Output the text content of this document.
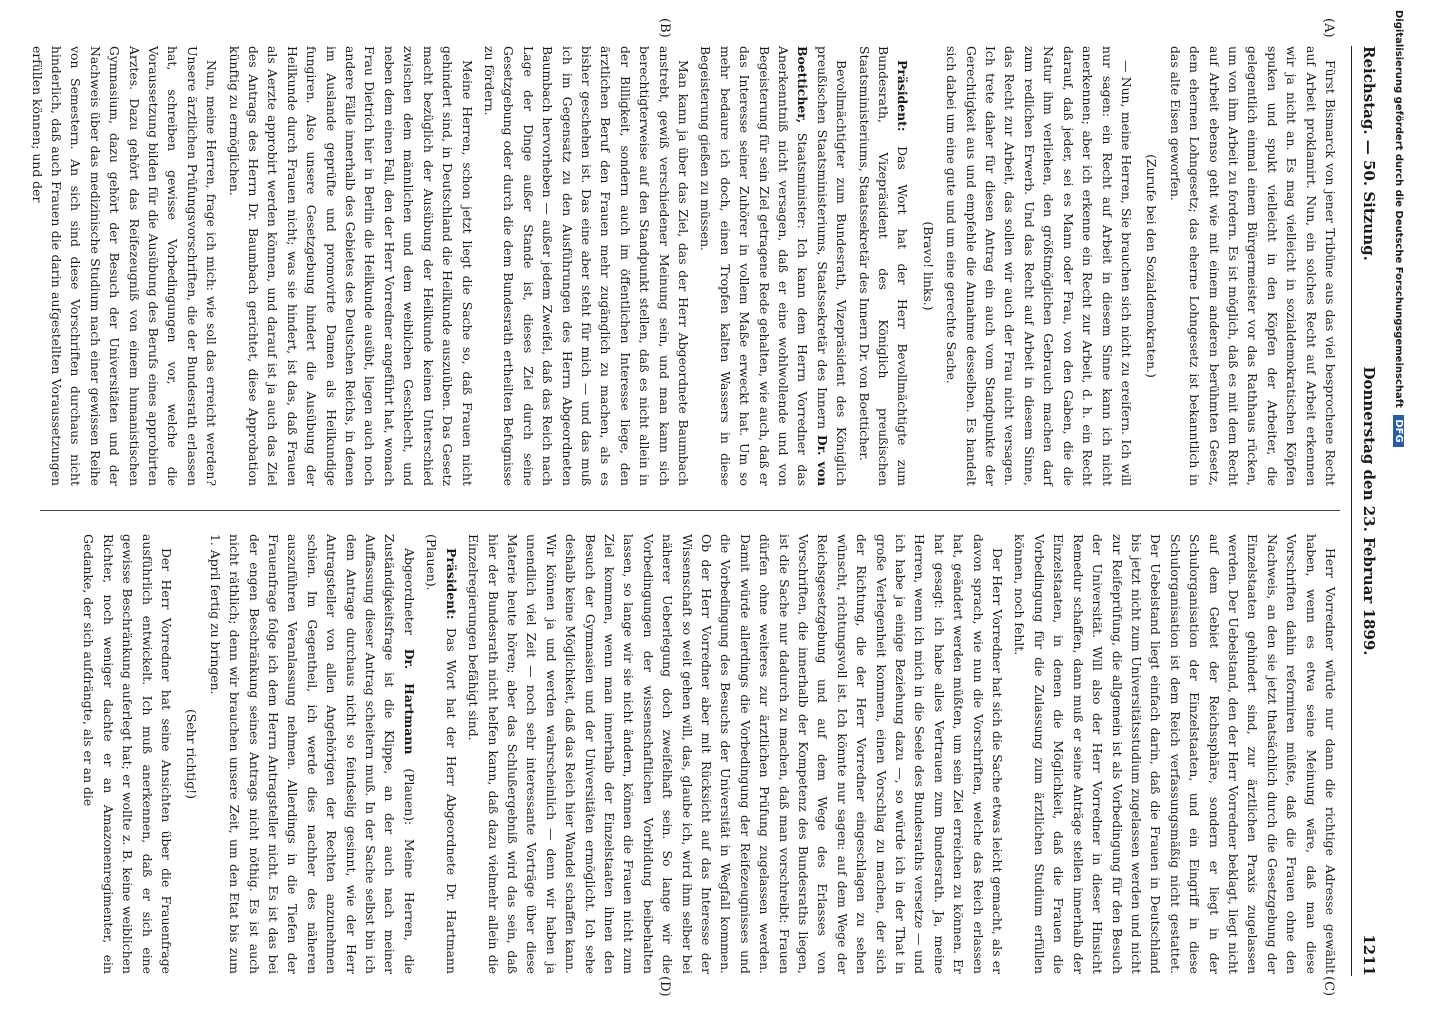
Reichstag. — 50. Sitzung.
Donnerstag den 23. Februar 1899.
1211

Fürst Bismarck von jener Tribüne aus das viel besprochene Recht auf Arbeit proklamirt. Nun, ein solches Recht auf Arbeit erkennen wir ja nicht an. Es mag vielleicht in sozialdemokratischen Köpfen spuken und spukt vielleicht in den Köpfen der Arbeiter, die gelegentlich einmal einem Bürgermeister vor das Rathhaus rücken, um von ihm Arbeit zu fordern. Es ist möglich, daß es mit dem Recht auf Arbeit ebenso geht wie mit einem anderen berühmten Gesetz, dem ehernen Lohngesetz; das eherne Lohngesetz ist bekanntlich in das alte Eisen geworfen.

(Zurufe bei den Sozialdemokraten.)

— Nun, meine Herren, Sie brauchen sich nicht zu ereifern. Ich will nur sagen: ein Recht auf Arbeit in diesem Sinne kann ich nicht anerkennen; aber ich erkenne ein Recht zur Arbeit, d. h. ein Recht darauf, daß jeder, sei es Mann oder Frau, von den Gaben, die die Natur ihm verliehen, den größtmöglichen Gebrauch machen darf zum redlichen Erwerb. Und das Recht auf Arbeit in diesem Sinne, das Recht zur Arbeit, das sollen wir auch der Frau nicht versagen. Ich trete daher für diesen Antrag ein auch vom Standpunkte der Gerechtigkeit aus und empfehle die Annahme desselben. Es handelt sich dabei um eine gute und um eine gerechte Sache.

(Bravo! links.)

Präsident: Das Wort hat der Herr Bevollmächtigte zum Bundesrath, Vizepräsident des Königlich preußischen Staatsministeriums, Staatssekretär des Innern Dr. von Boetticher.

Bevollmächtigter zum Bundesrath, Vizepräsident des Königlich preußischen Staatsministeriums, Staatssekretär des Innern Dr. von Boetticher, Staatsminister: Ich kann dem Herrn Vorredner das Anerkenntniß nicht versagen, daß er eine wohlwollende und von Begeisterung für sein Ziel getragene Rede gehalten, wie auch, daß er das Interesse seiner Zuhörer in vollem Maße erweckt hat. Um so mehr bedaure ich doch, einen Tropfen kalten Wassers in diese Begeisterung gießen zu müssen.

Man kann ja über das Ziel, das der Herr Abgeordnete Baumbach anstrebt, gewiß verschiedener Meinung sein, und man kann sich berechtigterweise auf den Standpunkt stellen, daß es nicht allein in der Billigkeit, sondern auch im öffentlichen Interesse liege, den ärztlichen Beruf den Frauen mehr zugänglich zu machen, als es bisher geschehen ist. Das eine aber steht für mich — und das muß ich im Gegensatz zu den Ausführungen des Herrn Abgeordneten Baumbach hervorheben — außer jedem Zweifel, daß das Reich nach Lage der Dinge außer Stande ist, dieses Ziel durch seine Gesetzgebung oder durch die dem Bundesrath ertheilten Befugnisse zu fördern.

Meine Herren, schon jetzt liegt die Sache so, daß Frauen nicht gehindert sind, in Deutschland die Heilkunde auszuüben. Das Gesetz macht bezüglich der Ausübung der Heilkunde keinen Unterschied zwischen dem männlichen und dem weiblichen Geschlecht, und neben dem einen Fall, den der Herr Vorredner angeführt hat, wonach Frau Dietrich hier in Berlin die Heilkunde ausübt, liegen auch noch andere Fälle innerhalb des Gebietes des Deutschen Reichs, in denen im Auslande geprüfte und promovirte Damen als Heilkundige fungiren. Also unsere Gesetzgebung hindert die Ausübung der Heilkunde durch Frauen nicht; was sie hindert, ist das, daß Frauen als Aerzte approbirt werden können, und darauf ist ja auch das Ziel des Antrags des Herrn Dr. Baumbach gerichtet, diese Approbation künftig zu ermöglichen.

Nun, meine Herren, frage ich mich: wie soll das erreicht werden? Unsere ärztlichen Prüfungsvorschriften, die der Bundesrath erlassen hat, schreiben gewisse Vorbedingungen vor, welche die Voraussetzung bilden für die Ausübung des Berufs eines approbirten Arztes. Dazu gehört das Reifezeugniß von einem humanistischen Gymnasium, dazu gehört der Besuch der Universitäten und der Nachweis über das medizinische Studium nach einer gewissen Reihe von Semestern. An sich sind diese Vorschriften durchaus nicht hinderlich, daß auch Frauen die darin aufgestellten Voraussetzungen erfüllen können; und der

Herr Vorredner würde nur dann die richtige Adresse gewählt haben, wenn es etwa seine Meinung wäre, daß man diese Vorschriften dahin reformiren müßte, daß die Frauen ohne den Nachweis, an den sie jetzt thatsächlich durch die Gesetzgebung der Einzelstaaten gehindert sind, zur ärztlichen Praxis zugelassen werden. Der Uebelstand, den der Herr Vorredner beklagt, liegt nicht auf dem Gebiet der Reichssphäre, sondern er liegt in der Schulorganisation der Einzelstaaten, und ein Eingriff in diese Schulorganisation ist dem Reich verfassungsmäßig nicht gestattet. Der Uebelstand liegt einfach darin, daß die Frauen in Deutschland bis jetzt nicht zum Universitätsstudium zugelassen werden und nicht zur Reifeprüfung, die allgemein ist als Vorbedingung für den Besuch der Universität. Will also der Herr Vorredner in dieser Hinsicht Remedur schaffen, dann muß er seine Anträge stellen innerhalb der Einzelstaaten, in denen die Möglichkeit, daß die Frauen die Vorbedingung für die Zulassung zum ärztlichen Studium erfüllen können, noch fehlt.

Der Herr Vorredner hat sich die Sache etwas leicht gemacht, als er davon sprach, wie nun die Vorschriften, welche das Reich erlassen hat, geändert werden müßten, um sein Ziel erreichen zu können. Er hat gesagt: ich habe alles Vertrauen zum Bundesrath. Ja, meine Herren, wenn ich mich in die Seele des Bundesraths versetze — und ich habe ja einige Beziehung dazu —, so würde ich in der That in große Verlegenheit kommen, einen Vorschlag zu machen, der sich der Richtung, die der Herr Vorredner eingeschlagen zu sehen wünscht, richtungsvoll ist. Ich könnte nur sagen: auf dem Wege der Reichsgesetzgebung und auf dem Wege des Erlasses von Vorschriften, die innerhalb der Kompetenz des Bundesraths liegen, ist die Sache nur dadurch zu machen, daß man vorschreibt: Frauen dürfen ohne weiteres zur ärztlichen Prüfung zugelassen werden. Damit würde allerdings die Vorbedingung der Reifezeugnisses und die Vorbedingung des Besuchs der Universität in Wegfall kommen. Ob der Herr Vorredner aber mit Rücksicht auf das Interesse der Wissenschaft so weit gehen will, das, glaube ich, wird ihm selber bei näherer Ueberlegung doch zweifelhaft sein. So lange wir die Vorbedingungen der wissenschaftlichen Vorbildung beibehalten lassen, so lange wir sie nicht ändern, können die Frauen nicht zum Ziel kommen, wenn man innerhalb der Einzelstaaten ihnen den Besuch der Gymnasien und der Universitäten ermöglicht. Ich sehe deshalb keine Möglichkeit, daß das Reich hier Wandel schaffen kann. Wir können ja und werden wahrscheinlich — denn wir haben ja unendlich viel Zeit — noch sehr interessante Vorträge über diese Materie heute hören; aber das Schlußergebniß wird das sein, daß hier der Bundesrath nicht helfen kann, daß dazu vielmehr allein die Einzelregierungen befähigt sind.

Präsident: Das Wort hat der Herr Abgeordnete Dr. Hartmann (Plauen).

Abgeordneter Dr. Hartmann (Plauen): Meine Herren, die Zuständigkeitsfrage ist die Klippe, an der auch nach meiner Auffassung dieser Antrag scheitern muß. In der Sache selbst bin ich dem Antrage durchaus nicht so feindselig gesinnt, wie der Herr Antragsteller von allen Angehörigen der Rechten anzunehmen schien. Im Gegentheil, ich werde dies nachher des näheren auszuführen Veranlassung nehmen. Allerdings in die Tiefen der Frauenfrage folge ich dem Herrn Antragsteller nicht. Es ist das bei der engen Beschränkung seines Antrags nicht nöthig. Es ist auch nicht räthlich; denn wir brauchen unsere Zeit, um den Etat bis zum 1. April fertig zu bringen.

(Sehr richtig!)

Der Herr Vorredner hat seine Ansichten über die Frauenfrage ausführlich entwickelt. Ich muß anerkennen, daß er sich eine gewisse Beschränkung auferlegt hat; er wollte z. B. keine weiblichen Richter, noch weniger dachte er an Amazonenregimenter, ein Gedanke, der sich aufdrängte, als er an die

(A)
(B)
(C)
(D)
Digitalisierung gefördert durch die Deutsche Forschungsgemeinschaft DFG
